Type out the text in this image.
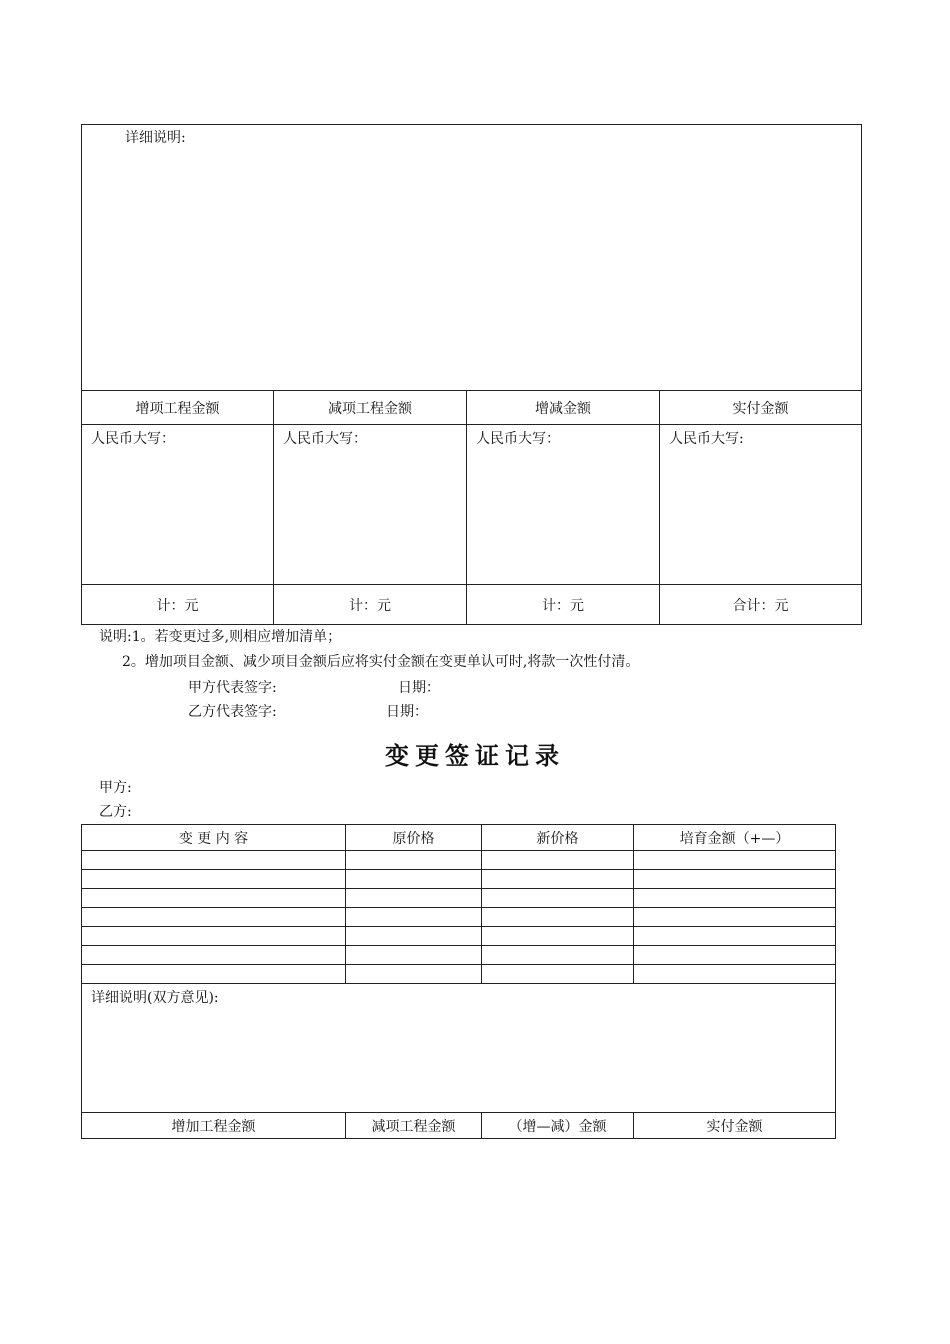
详细说明:			

增项工程金额	减项工程金额	增减金额	实付金额

人民币大写：	人民币大写：	人民币大写：	人民币大写:

计：元	计：元	计：元	合计：元
说明:1。若变更过多,则相应增加清单；
2。增加项目金额、减少项目金额后应将实付金额在变更单认可时,将款一次性付清。
甲方代表签字:	日期：
乙方代表签字:	日期：
变更签证记录
甲方:
乙方:
变 更 内 容	原价格	新价格	培育金额（+—）

详细说明(双方意见):			

增加工程金额	减项工程金额	（增—减）金额	实付金额
